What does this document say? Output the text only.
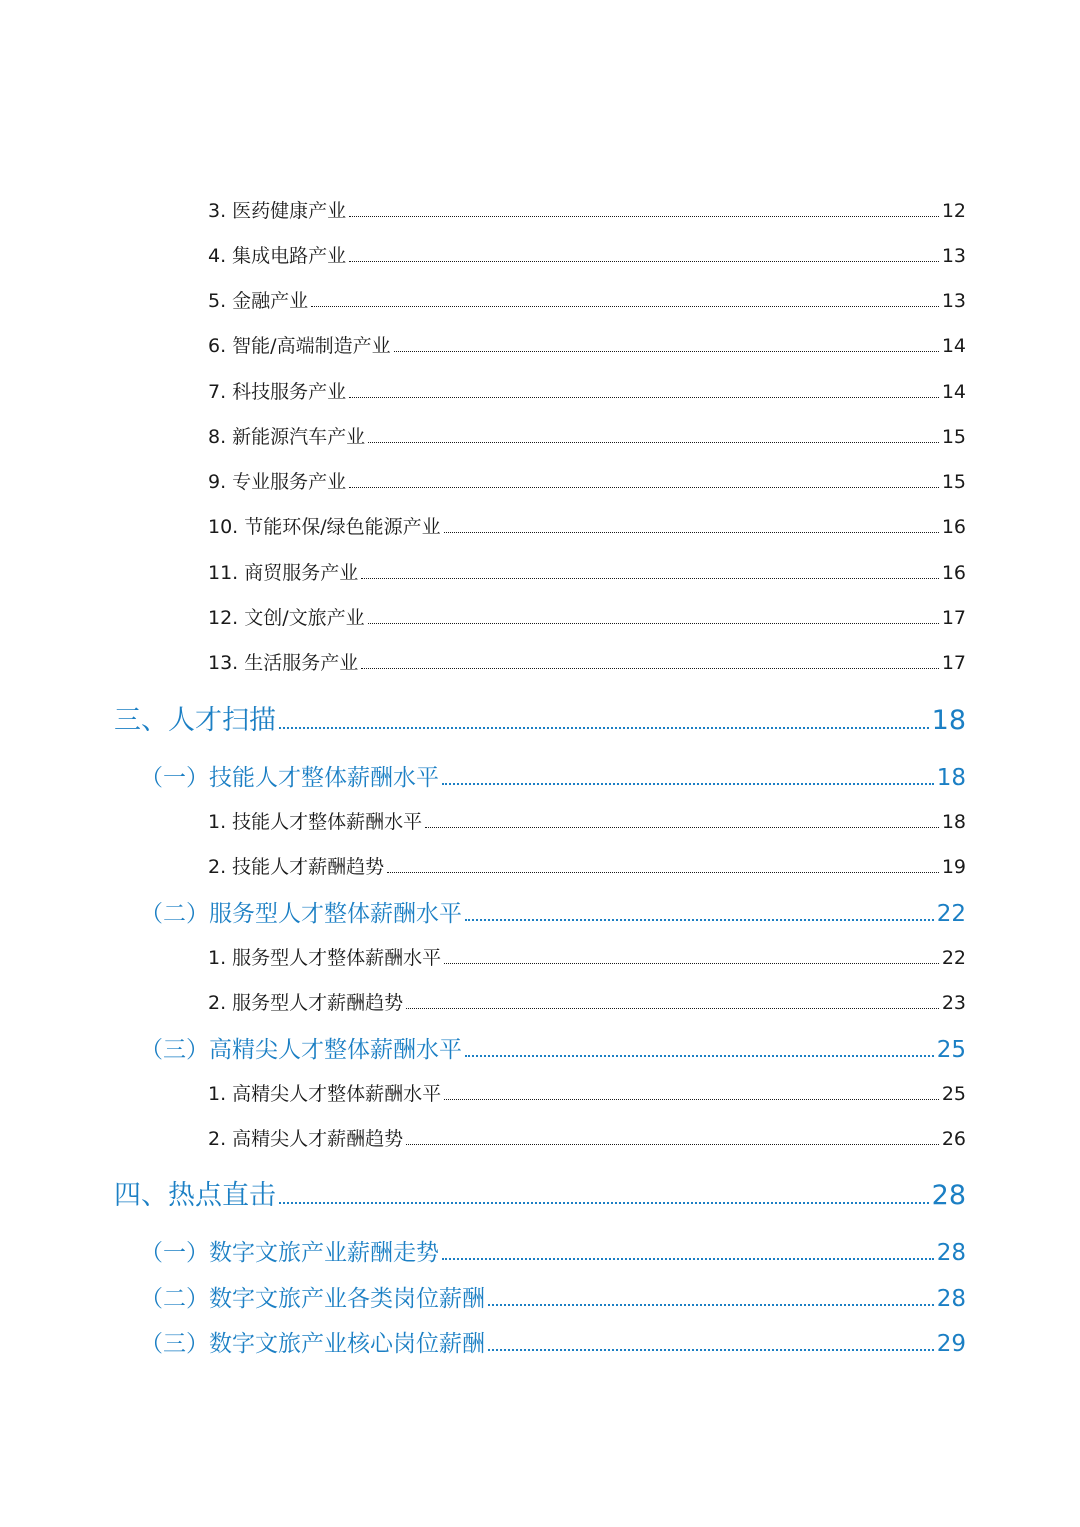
3. 医药健康产业	12
4. 集成电路产业	13
5. 金融产业	13
6. 智能/高端制造产业	14
7. 科技服务产业	14
8. 新能源汽车产业	15
9. 专业服务产业	15
10. 节能环保/绿色能源产业	16
11. 商贸服务产业	16
12. 文创/文旅产业	17
13. 生活服务产业	17
三、人才扫描	18
（一）技能人才整体薪酬水平	18
1. 技能人才整体薪酬水平	18
2. 技能人才薪酬趋势	19
（二）服务型人才整体薪酬水平	22
1. 服务型人才整体薪酬水平	22
2. 服务型人才薪酬趋势	23
（三）高精尖人才整体薪酬水平	25
1. 高精尖人才整体薪酬水平	25
2. 高精尖人才薪酬趋势	26
四、热点直击	28
（一）数字文旅产业薪酬走势	28
（二）数字文旅产业各类岗位薪酬	28
（三）数字文旅产业核心岗位薪酬	29
